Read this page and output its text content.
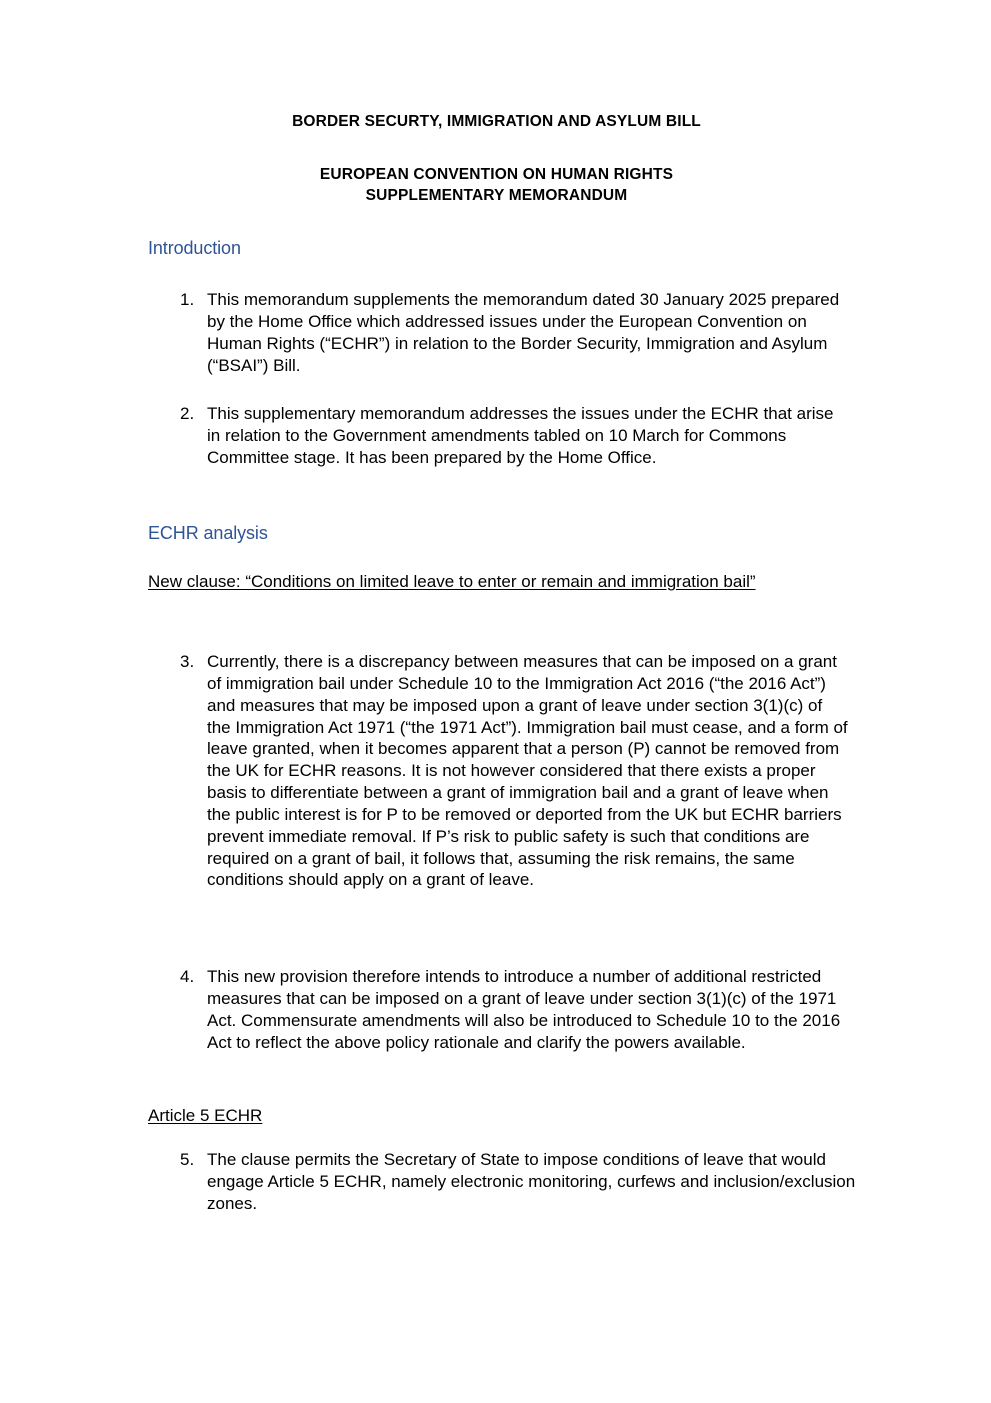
BORDER SECURTY, IMMIGRATION AND ASYLUM BILL

EUROPEAN CONVENTION ON HUMAN RIGHTS
SUPPLEMENTARY MEMORANDUM

Introduction
1. This memorandum supplements the memorandum dated 30 January 2025 prepared by the Home Office which addressed issues under the European Convention on Human Rights (“ECHR”) in relation to the Border Security, Immigration and Asylum (“BSAI”) Bill.
2. This supplementary memorandum addresses the issues under the ECHR that arise in relation to the Government amendments tabled on 10 March for Commons Committee stage. It has been prepared by the Home Office.
ECHR analysis

New clause: “Conditions on limited leave to enter or remain and immigration bail”

3. Currently, there is a discrepancy between measures that can be imposed on a grant of immigration bail under Schedule 10 to the Immigration Act 2016 (“the 2016 Act”) and measures that may be imposed upon a grant of leave under section 3(1)(c) of the Immigration Act 1971 (“the 1971 Act”). Immigration bail must cease, and a form of leave granted, when it becomes apparent that a person (P) cannot be removed from the UK for ECHR reasons. It is not however considered that there exists a proper basis to differentiate between a grant of immigration bail and a grant of leave when the public interest is for P to be removed or deported from the UK but ECHR barriers prevent immediate removal. If P’s risk to public safety is such that conditions are required on a grant of bail, it follows that, assuming the risk remains, the same conditions should apply on a grant of leave.
4. This new provision therefore intends to introduce a number of additional restricted measures that can be imposed on a grant of leave under section 3(1)(c) of the 1971 Act. Commensurate amendments will also be introduced to Schedule 10 to the 2016 Act to reflect the above policy rationale and clarify the powers available.

Article 5 ECHR

5. The clause permits the Secretary of State to impose conditions of leave that would engage Article 5 ECHR, namely electronic monitoring, curfews and inclusion/exclusion zones.
